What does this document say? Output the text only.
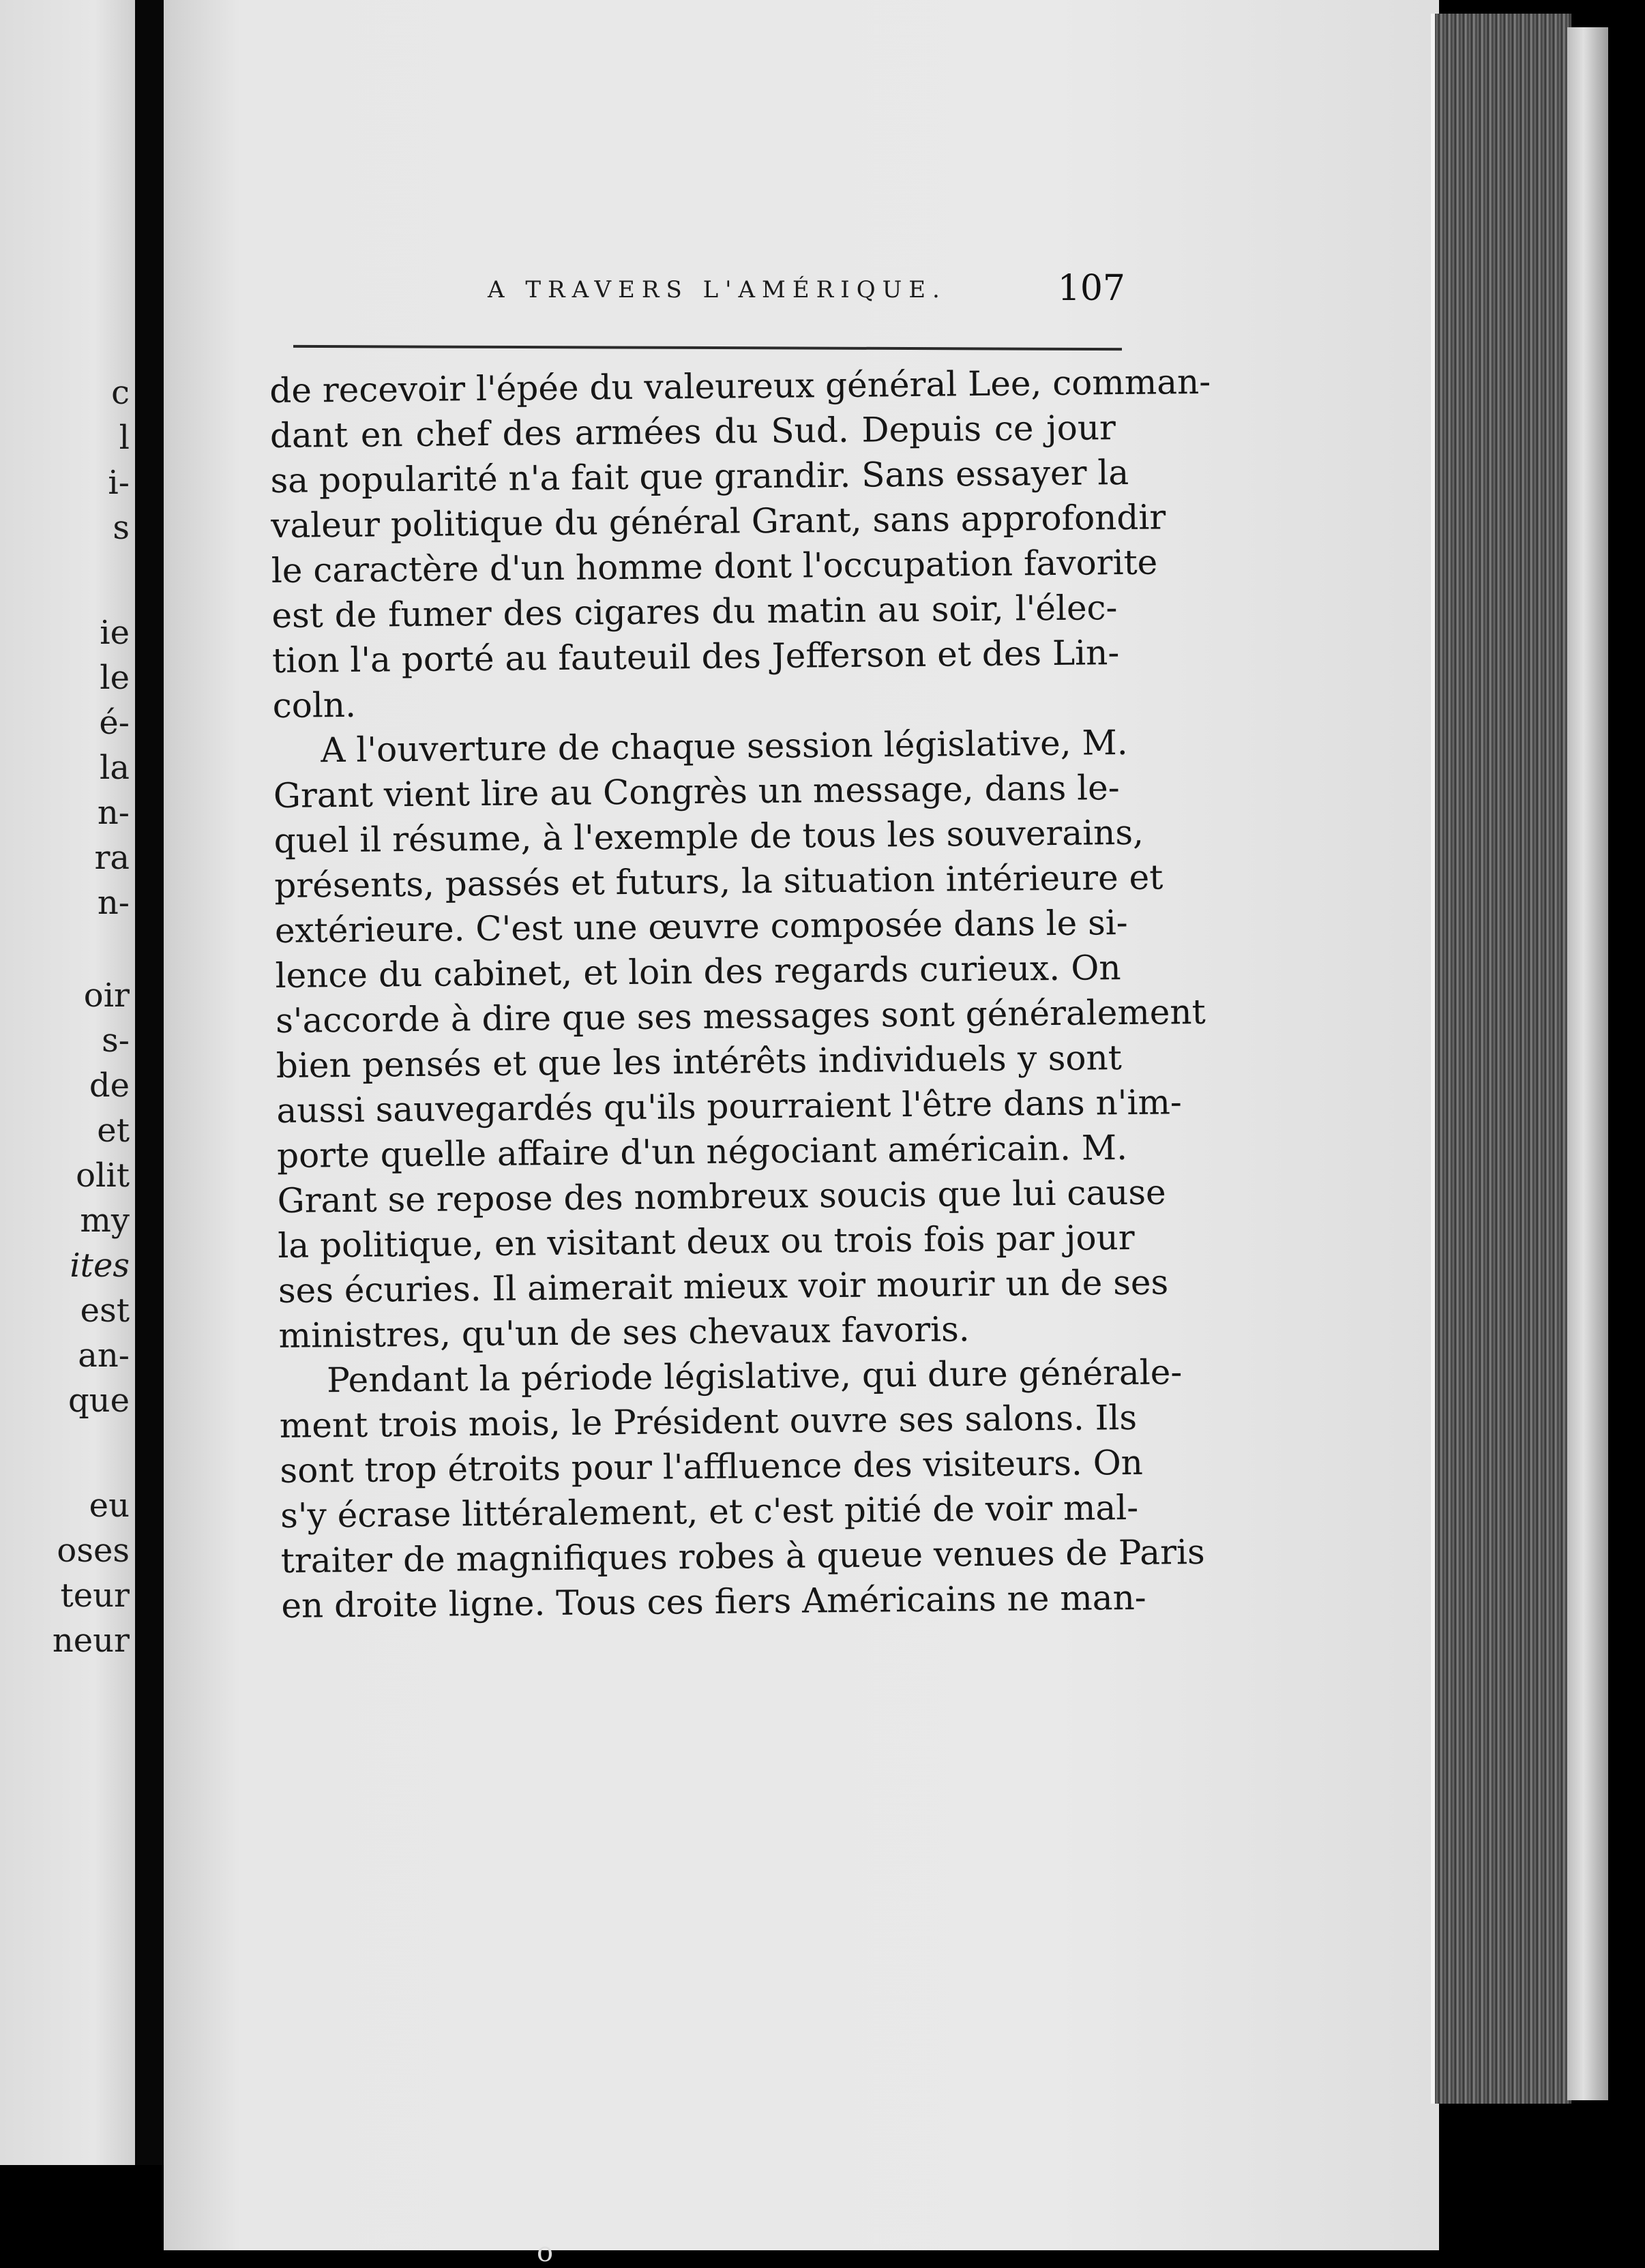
c
l
i-
s
ie
le
é-
la
n-
ra
n-
oir
s-
de
et
olit
my
ites
est
an-
que
eu
oses
teur
neur
A TRAVERS L'AMÉRIQUE.	107
de recevoir l'épée du valeureux général Lee, comman-
dant en chef des armées du Sud. Depuis ce jour
sa popularité n'a fait que grandir. Sans essayer la
valeur politique du général Grant, sans approfondir
le caractère d'un homme dont l'occupation favorite
est de fumer des cigares du matin au soir, l'élec-
tion l'a porté au fauteuil des Jefferson et des Lin-
coln.
A l'ouverture de chaque session législative, M.
Grant vient lire au Congrès un message, dans le-
quel il résume, à l'exemple de tous les souverains,
présents, passés et futurs, la situation intérieure et
extérieure. C'est une œuvre composée dans le si-
lence du cabinet, et loin des regards curieux. On
s'accorde à dire que ses messages sont généralement
bien pensés et que les intérêts individuels y sont
aussi sauvegardés qu'ils pourraient l'être dans n'im-
porte quelle affaire d'un négociant américain. M.
Grant se repose des nombreux soucis que lui cause
la politique, en visitant deux ou trois fois par jour
ses écuries. Il aimerait mieux voir mourir un de ses
ministres, qu'un de ses chevaux favoris.
Pendant la période législative, qui dure générale-
ment trois mois, le Président ouvre ses salons. Ils
sont trop étroits pour l'affluence des visiteurs. On
s'y écrase littéralement, et c'est pitié de voir mal-
traiter de magnifiques robes à queue venues de Paris
en droite ligne. Tous ces fiers Américains ne man-
o
